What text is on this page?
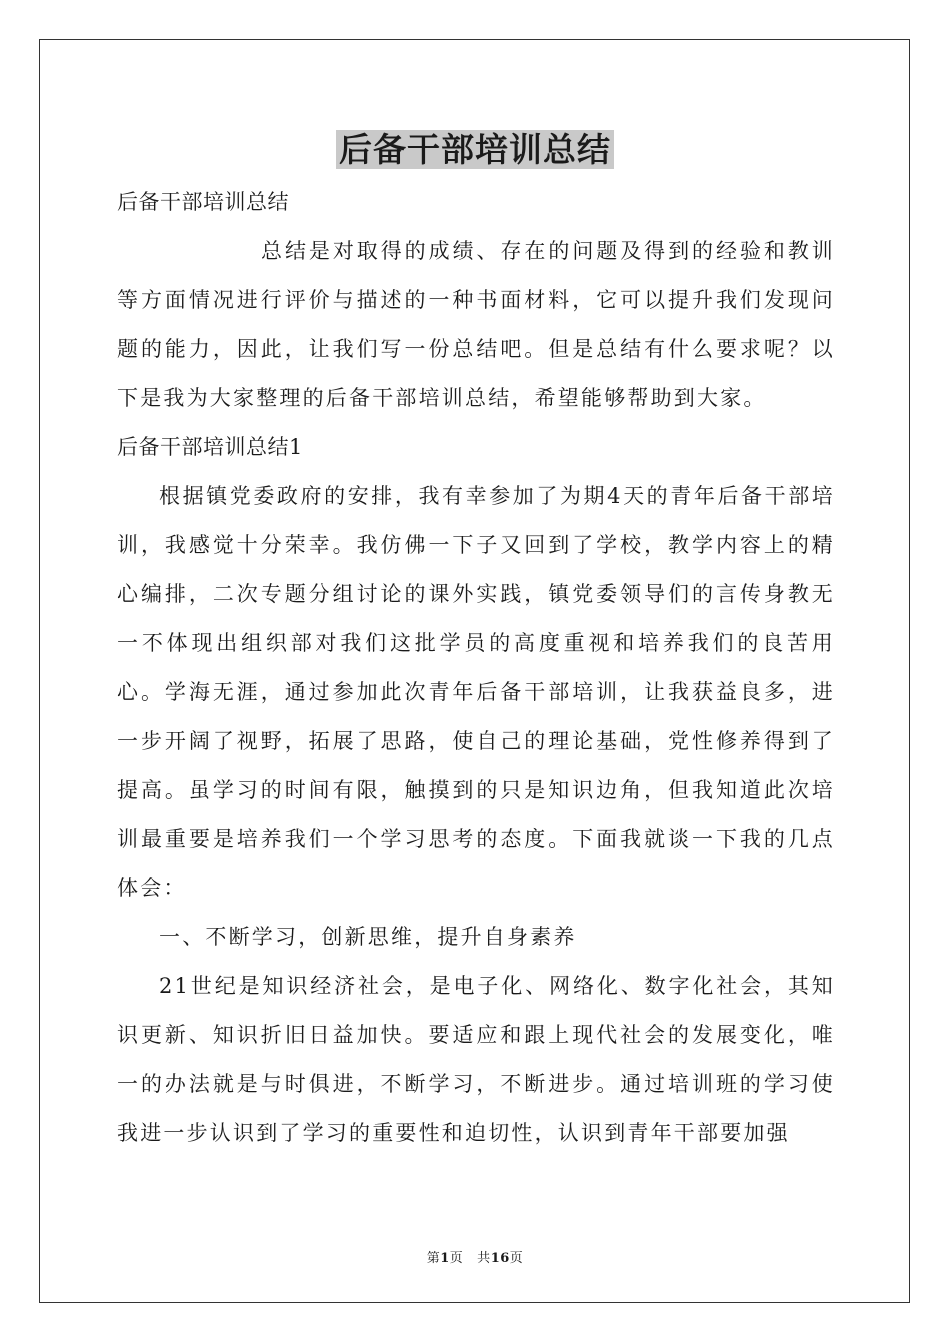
后备干部培训总结

后备干部培训总结

总结是对取得的成绩、存在的问题及得到的经验和教训等方面情况进行评价与描述的一种书面材料，它可以提升我们发现问题的能力，因此，让我们写一份总结吧。但是总结有什么要求呢？以下是我为大家整理的后备干部培训总结，希望能够帮助到大家。

后备干部培训总结1

根据镇党委政府的安排，我有幸参加了为期4天的青年后备干部培训，我感觉十分荣幸。我仿佛一下子又回到了学校，教学内容上的精心编排，二次专题分组讨论的课外实践，镇党委领导们的言传身教无一不体现出组织部对我们这批学员的高度重视和培养我们的良苦用心。学海无涯，通过参加此次青年后备干部培训，让我获益良多，进一步开阔了视野，拓展了思路，使自己的理论基础，党性修养得到了提高。虽学习的时间有限，触摸到的只是知识边角，但我知道此次培训最重要是培养我们一个学习思考的态度。下面我就谈一下我的几点体会：

一、不断学习，创新思维，提升自身素养

21世纪是知识经济社会，是电子化、网络化、数字化社会，其知识更新、知识折旧日益加快。要适应和跟上现代社会的发展变化，唯一的办法就是与时俱进，不断学习，不断进步。通过培训班的学习使我进一步认识到了学习的重要性和迫切性，认识到青年干部要加强

第1页 共16页
